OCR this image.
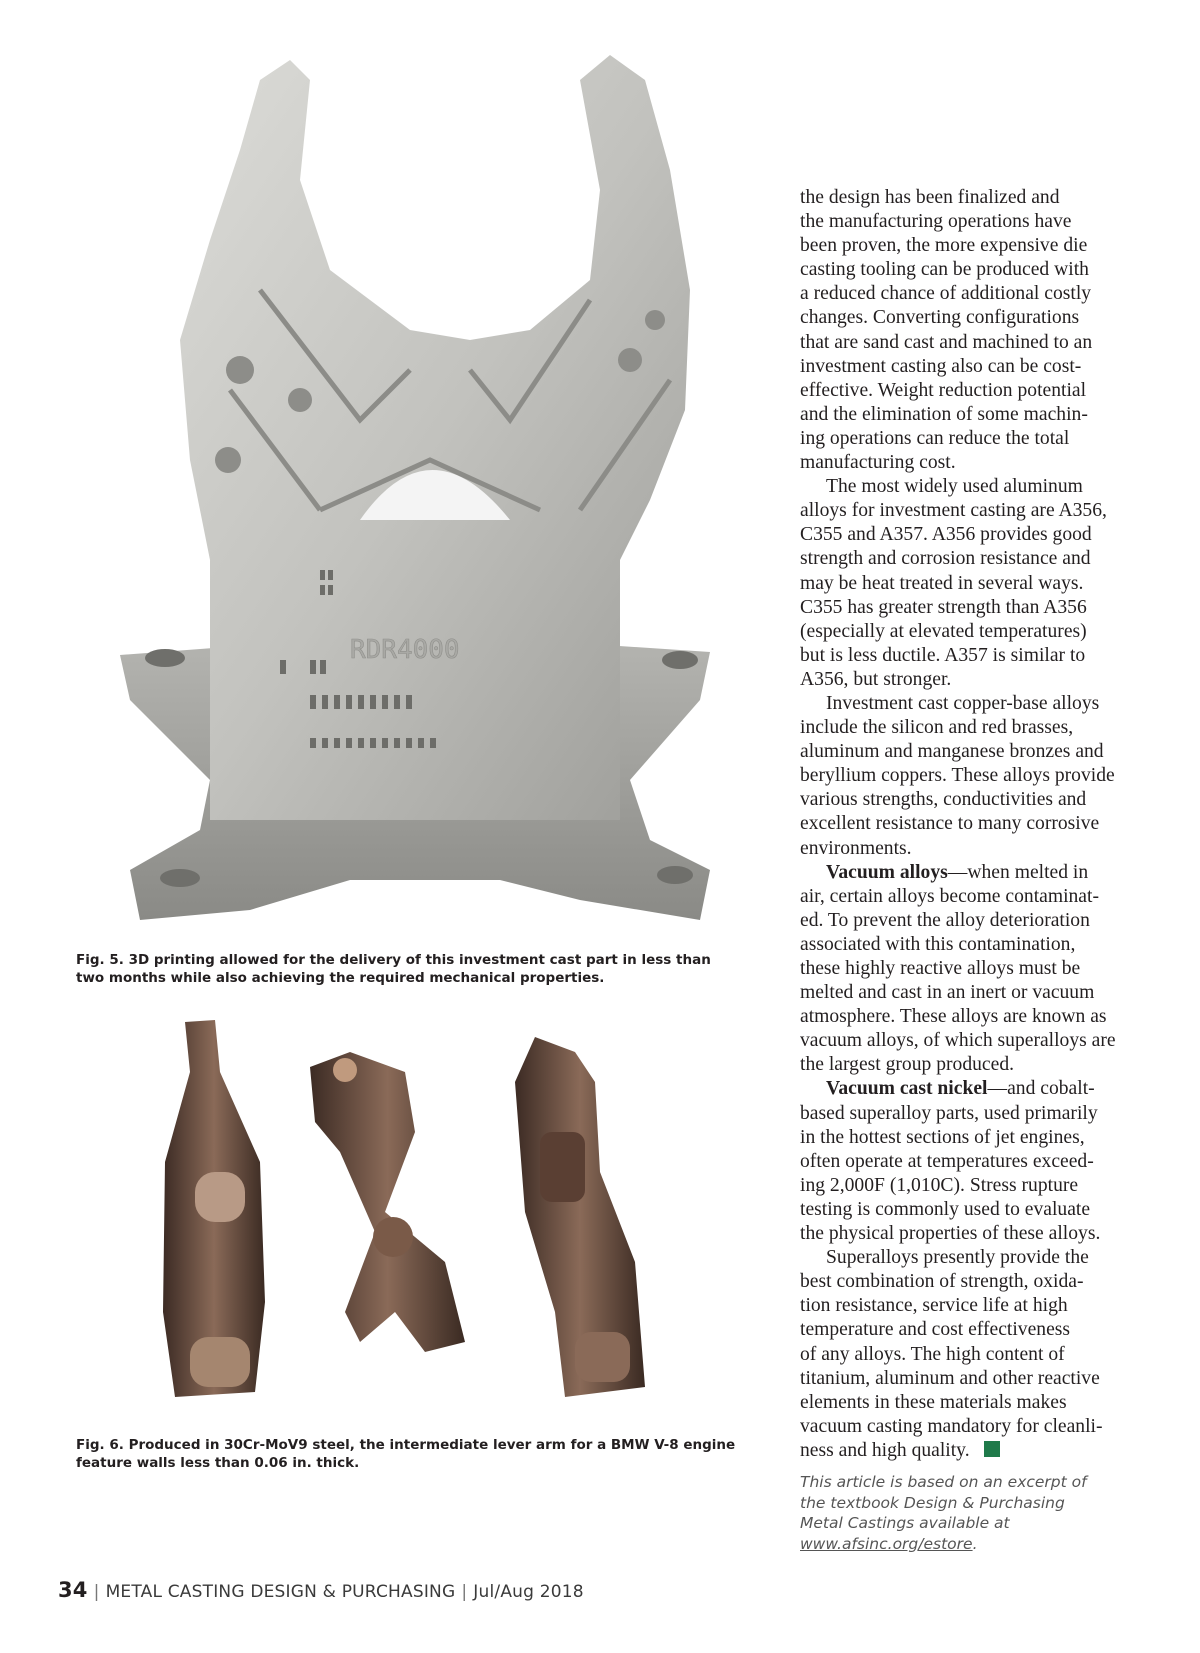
RDR4000
Fig. 5. 3D printing allowed for the delivery of this investment cast part in less than two months while also achieving the required mechanical properties.
Fig. 6. Produced in 30Cr-MoV9 steel, the intermediate lever arm for a BMW V-8 engine feature walls less than 0.06 in. thick.

the design has been finalized and
the manufacturing operations have
been proven, the more expensive die
casting tooling can be produced with
a reduced chance of additional costly
changes. Converting configurations
that are sand cast and machined to an
investment casting also can be cost-
effective. Weight reduction potential
and the elimination of some machin-
ing operations can reduce the total
manufacturing cost.

The most widely used aluminum
alloys for investment casting are A356,
C355 and A357. A356 provides good
strength and corrosion resistance and
may be heat treated in several ways.
C355 has greater strength than A356
(especially at elevated temperatures)
but is less ductile. A357 is similar to
A356, but stronger.

Investment cast copper-base alloys
include the silicon and red brasses,
aluminum and manganese bronzes and
beryllium coppers. These alloys provide
various strengths, conductivities and
excellent resistance to many corrosive
environments.

Vacuum alloys—when melted in
air, certain alloys become contaminat-
ed. To prevent the alloy deterioration
associated with this contamination,
these highly reactive alloys must be
melted and cast in an inert or vacuum
atmosphere. These alloys are known as
vacuum alloys, of which superalloys are
the largest group produced.

Vacuum cast nickel—and cobalt-
based superalloy parts, used primarily
in the hottest sections of jet engines,
often operate at temperatures exceed-
ing 2,000F (1,010C). Stress rupture
testing is commonly used to evaluate
the physical properties of these alloys.

Superalloys presently provide the
best combination of strength, oxida-
tion resistance, service life at high
temperature and cost effectiveness
of any alloys. The high content of
titanium, aluminum and other reactive
elements in these materials makes
vacuum casting mandatory for cleanli-
ness and high quality.

This article is based on an excerpt of
the textbook Design & Purchasing
Metal Castings available at
www.afsinc.org/estore.
34 | METAL CASTING DESIGN & PURCHASING | Jul/Aug 2018
